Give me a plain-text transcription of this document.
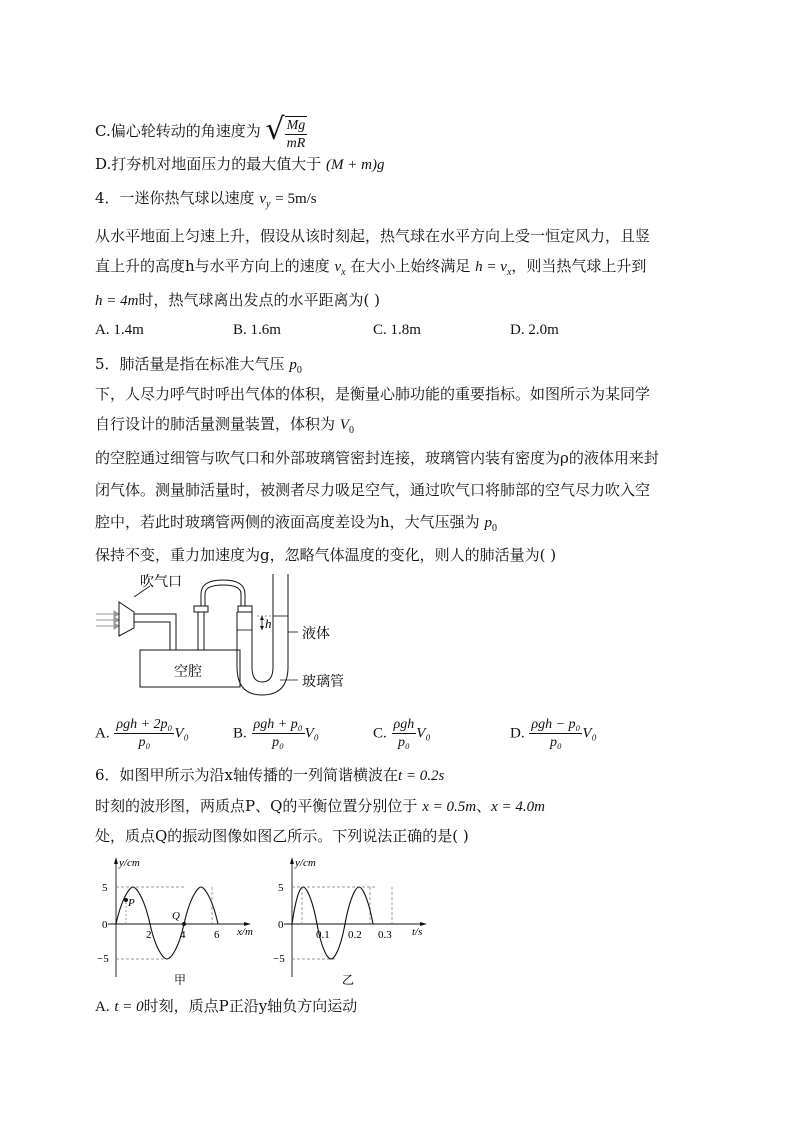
C.偏心轮转动的角速度为 √ $\frac{Mg}{mR}$
D.打夯机对地面压力的最大值大于 (M + m)g
4．一迷你热气球以速度 $v_y = 5m/s$
从水平地面上匀速上升，假设从该时刻起，热气球在水平方向上受一恒定风力，且竖
直上升的高度h与水平方向上的速度 $v_x$ 在大小上始终满足 $h = v_x$，则当热气球上升到
h = 4m时，热气球离出发点的水平距离为( )
A. 1.4m	B. 1.6m	C. 1.8m	D. 2.0m
5．肺活量是指在标准大气压 $p_0$
下，人尽力呼气时呼出气体的体积，是衡量心肺功能的重要指标。如图所示为某同学
自行设计的肺活量测量装置，体积为 $V_0$
的空腔通过细管与吹气口和外部玻璃管密封连接，玻璃管内装有密度为ρ的液体用来封
闭气体。测量肺活量时，被测者尽力吸足空气，通过吹气口将肺部的空气尽力吹入空
腔中，若此时玻璃管两侧的液面高度差设为h，大气压强为 $p_0$
保持不变，重力加速度为g，忽略气体温度的变化，则人的肺活量为( )
吹气口
空腔
h
液体
玻璃管
A. $\frac{\text{ρgh + 2p₀}}{\text{p₀}} V_0$	B. $\frac{\text{ρgh + p₀}}{\text{p₀}} V_0$	C. $\frac{\text{ρgh}}{\text{p₀}} V_0$	D. $\frac{\text{ρgh − p₀}}{\text{p₀}} V_0$
6．如图甲所示为沿x轴传播的一列简谐横波在t = 0.2s
时刻的波形图，两质点P、Q的平衡位置分别位于 x = 0.5m、x = 4.0m
处，质点Q的振动图像如图乙所示。下列说法正确的是( )
y/cm
x/m
5
0
−5
P
Q
2	4	6
甲
y/cm
t/s
5
0
−5
0.1 0.2 0.3
乙
A. t = 0时刻，质点P正沿y轴负方向运动
